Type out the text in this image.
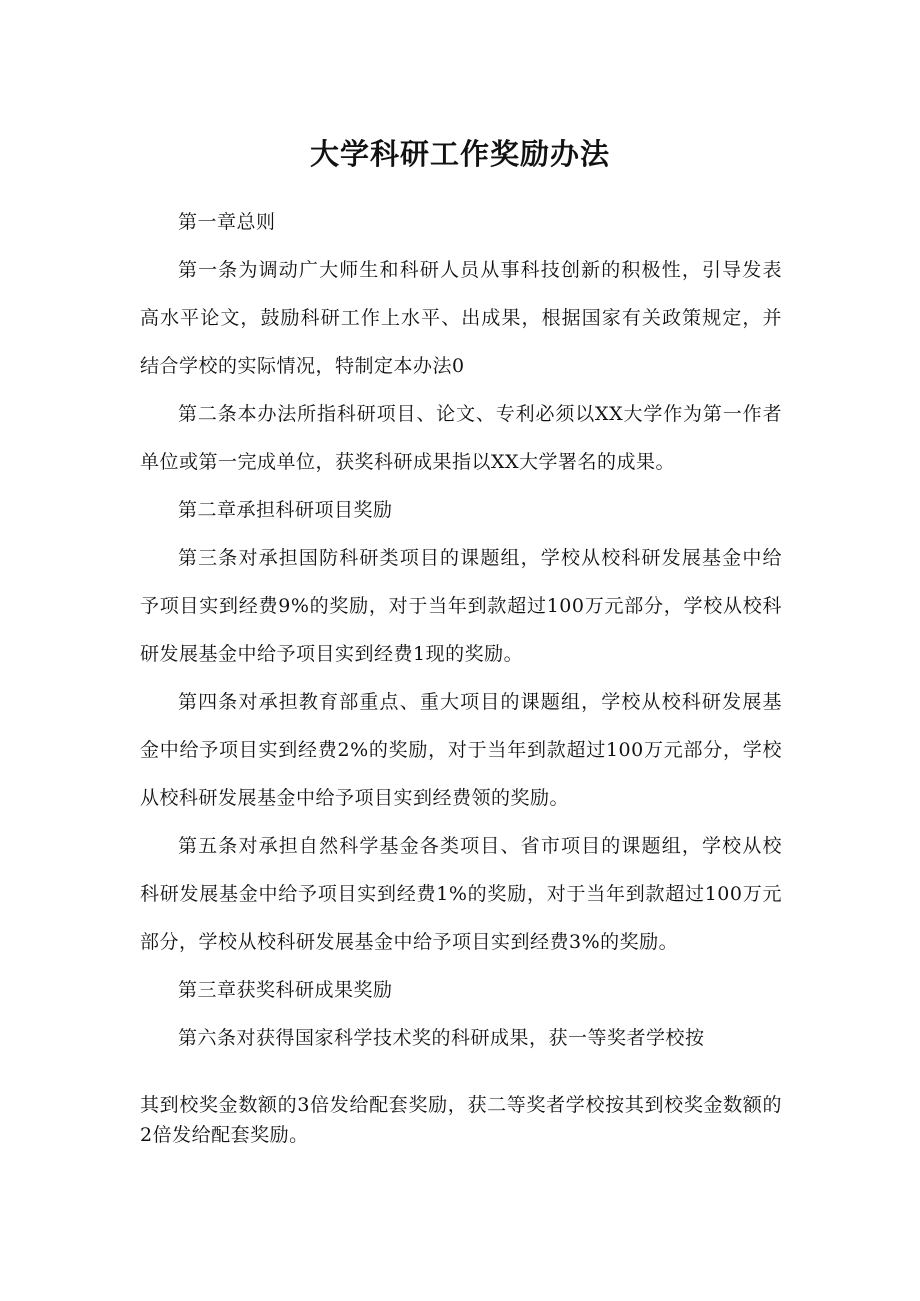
大学科研工作奖励办法

第一章总则

第一条为调动广大师生和科研人员从事科技创新的积极性，引导发表高水平论文，鼓励科研工作上水平、出成果，根据国家有关政策规定，并结合学校的实际情况，特制定本办法0

第二条本办法所指科研项目、论文、专利必须以XX大学作为第一作者单位或第一完成单位，获奖科研成果指以XX大学署名的成果。

第二章承担科研项目奖励

第三条对承担国防科研类项目的课题组，学校从校科研发展基金中给予项目实到经费9%的奖励，对于当年到款超过100万元部分，学校从校科研发展基金中给予项目实到经费1现的奖励。

第四条对承担教育部重点、重大项目的课题组，学校从校科研发展基金中给予项目实到经费2%的奖励，对于当年到款超过100万元部分，学校从校科研发展基金中给予项目实到经费领的奖励。

第五条对承担自然科学基金各类项目、省市项目的课题组，学校从校科研发展基金中给予项目实到经费1%的奖励，对于当年到款超过100万元部分，学校从校科研发展基金中给予项目实到经费3%的奖励。

第三章获奖科研成果奖励

第六条对获得国家科学技术奖的科研成果，获一等奖者学校按

其到校奖金数额的3倍发给配套奖励，获二等奖者学校按其到校奖金数额的2倍发给配套奖励。
